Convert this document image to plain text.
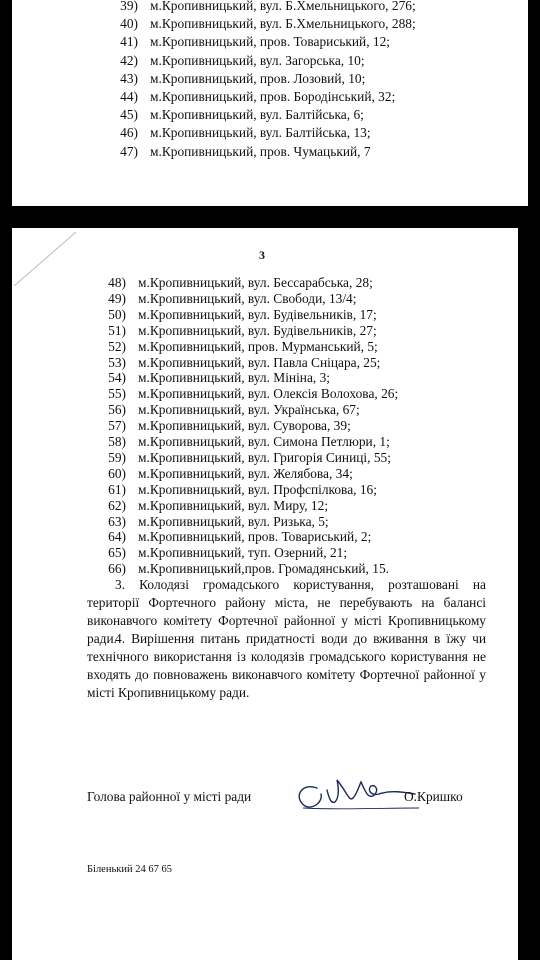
39) м.Кропивницький, вул. Б.Хмельницького, 276;
40) м.Кропивницький, вул. Б.Хмельницького, 288;
41) м.Кропивницький, пров. Товариський, 12;
42) м.Кропивницький, вул. Загорська, 10;
43) м.Кропивницький, пров. Лозовий, 10;
44) м.Кропивницький, пров. Бородінський, 32;
45) м.Кропивницький, вул. Балтійська, 6;
46) м.Кропивницький, вул. Балтійська, 13;
47) м.Кропивницький, пров. Чумацький, 7
3
48) м.Кропивницький, вул. Бессарабська, 28;
49) м.Кропивницький, вул. Свободи, 13/4;
50) м.Кропивницький, вул. Будівельників, 17;
51) м.Кропивницький, вул. Будівельників, 27;
52) м.Кропивницький, пров. Мурманський, 5;
53) м.Кропивницький, вул. Павла Сніцара, 25;
54) м.Кропивницький, вул. Мініна, 3;
55) м.Кропивницький, вул. Олексія Волохова, 26;
56) м.Кропивницький, вул. Українська, 67;
57) м.Кропивницький, вул. Суворова, 39;
58) м.Кропивницький, вул. Симона Петлюри, 1;
59) м.Кропивницький, вул. Григорія Синиці, 55;
60) м.Кропивницький, вул. Желябова, 34;
61) м.Кропивницький, вул. Профспілкова, 16;
62) м.Кропивницький, вул. Миру, 12;
63) м.Кропивницький, вул. Ризька, 5;
64) м.Кропивницький, пров. Товариський, 2;
65) м.Кропивницький, туп. Озерний, 21;
66) м.Кропивницький,пров. Громадянський, 15.
3. Колодязі громадського користування, розташовані на території Фортечного району міста, не перебувають на балансі виконавчого комітету Фортечної районної у місті Кропивницькому ради.
4. Вирішення питань придатності води до вживання в їжу чи технічного використання із колодязів громадського користування не входять до повноважень виконавчого комітету Фортечної районної у місті Кропивницькому ради.
Голова районної у місті ради	О.Кришко
Біленький 24 67 65
